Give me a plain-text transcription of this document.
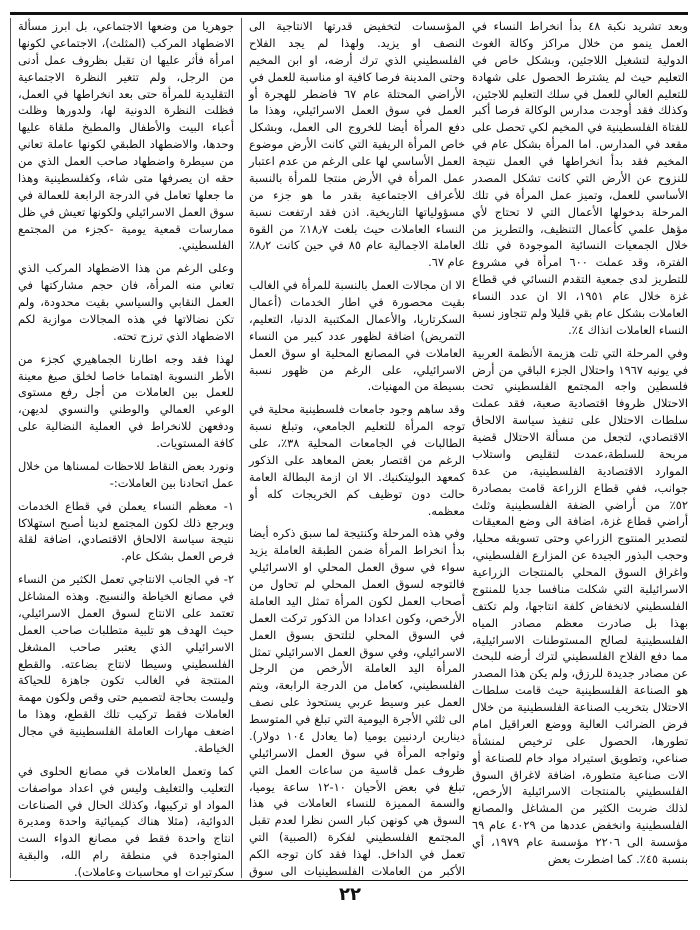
وبعد تشريد نكبة ٤٨ بدأ انخراط النساء في العمل ينمو من خلال مراكز وكالة الغوث الدولية لتشغيل اللاجئين، وبشكل خاص في التعليم حيث لم يشترط الحصول على شهادة للتعليم العالي للعمل في سلك التعليم للاجئين، وكذلك فقد أوجدت مدارس الوكالة فرصا أكبر للفتاة الفلسطينية في المخيم لكي تحصل على مقعد في المدارس. اما المرأة بشكل عام في المخيم فقد بدأ انخراطها في العمل نتيجة للنزوح عن الأرض التي كانت تشكل المصدر الأساسي للعمل، وتميز عمل المرأة في تلك المرحلة بدخولها الأعمال التي لا تحتاج لأي مؤهل علمي كأعمال التنظيف، والتطريز من خلال الجمعيات النسائية الموجودة في تلك الفترة، وقد عملت ٦٠٠ امرأة في مشروع للتطريز لدى جمعية التقدم النسائي في قطاع غزة خلال عام ١٩٥١، الا ان عدد النساء العاملات بشكل عام بقي قليلا ولم تتجاوز نسبة النساء العاملات انذاك ٤٪.

وفي المرحلة التي تلت هزيمة الأنظمة العربية في يونيه ١٩٦٧ واحتلال الجزء الباقي من أرض فلسطين واجه المجتمع الفلسطيني تحت الاحتلال ظروفا اقتصادية صعبة، فقد عملت سلطات الاحتلال على تنفيذ سياسة الالحاق الاقتصادي، لتجعل من مسألة الاحتلال قضية مربحة للسلطة،عمدت لتقليص واستلاب الموارد الاقتصادية الفلسطينية، من عدة جوانب، ففي قطاع الزراعة قامت بمصادرة ٥٢٪ من أراضي الضفة الفلسطينية وثلث أراضي قطاع غزة، اضافة الى وضع المعيقات لتصدير المنتوج الزراعي وحتى تسويقه محليا، وحجب البذور الجيدة عن المزارع الفلسطيني، واغراق السوق المحلي بالمنتجات الزراعية الاسرائيلية التي شكلت منافسا جديا للمنتوج الفلسطيني لانخفاض كلفة انتاجها، ولم تكتف بهذا بل صادرت معظم مصادر المياه الفلسطينية لصالح المستوطنات الاسرائيلية، مما دفع الفلاح الفلسطيني لترك أرضه للبحث عن مصادر جديدة للرزق، ولم يكن هذا المصدر هو الصناعة الفلسطينية حيث قامت سلطات الاحتلال بتخريب الصناعة الفلسطينية من خلال فرض الضرائب العالية ووضع العراقيل امام تطورها، الحصول على ترخيص لمنشأة صناعي، وتطويق استيراد مواد خام للصناعة أو الات صناعية متطورة، اضافة لاغراق السوق الفلسطيني بالمنتجات الاسرائيلية الأرخص، لذلك ضربت الكثير من المشاغل والمصانع الفلسطينية وانخفض عددها من ٤٠٢٩ عام ٦٩ مؤسسة الى ٢٢٠٦ مؤسسة عام ١٩٧٩، أي بنسبة ٤٥٪. كما اضطرت بعض

المؤسسات لتخفيض قدرتها الانتاجية الى النصف او يزيد. ولهذا لم يجد الفلاح الفلسطيني الذي ترك أرضه، او ابن المخيم وحتى المدينة فرصا كافية او مناسبة للعمل في الأراضي المحتلة عام ٦٧ فاضطر للهجرة أو العمل في سوق العمل الاسرائيلي، وهذا ما دفع المرأة أيضا للخروج الى العمل، وبشكل خاص المرأة الريفية التي كانت الأرض موضوع العمل الأساسي لها على الرغم من عدم اعتبار عمل المرأة في الأرض منتجا للمرأة بالنسبة للأعراف الاجتماعية بقدر ما هو جزء من مسؤولياتها التاريخية. اذن فقد ارتفعت نسبة النساء العاملات حيث بلغت ١٨٫٧٪ من القوة العاملة الاجمالية عام ٨٥ في حين كانت ٨٫٢٪ عام ٦٧.

الا ان مجالات العمل بالنسبة للمرأة في الغالب بقيت محصورة في اطار الخدمات (أعمال السكرتاريا، والأعمال المكتبية الدنيا، التعليم، التمريض) اضافة لظهور عدد كبير من النساء العاملات في المصانع المحلية او سوق العمل الاسرائيلي، على الرغم من ظهور نسبة بسيطة من المهنيات.

وقد ساهم وجود جامعات فلسطينية محلية في توجه المرأة للتعليم الجامعي، وتبلغ نسبة الطالبات في الجامعات المحلية ٣٨٪، على الرغم من اقتصار بعض المعاهد على الذكور كمعهد البوليتكنيك. الا ان ازمة البطالة العامة حالت دون توظيف كم الخريجات كله أو معظمه.

وفي هذه المرحلة وكنتيجة لما سبق ذكره أيضا بدأ انخراط المرأة ضمن الطبقة العاملة يزيد سواء في سوق العمل المحلي او الاسرائيلي فالتوجه لسوق العمل المحلي لم تحاول من أصحاب العمل لكون المرأة تمثل اليد العاملة الأرخص، وكون اعدادا من الذكور تركت العمل في السوق المحلي لتلتحق بسوق العمل الاسرائيلي، وفي سوق العمل الاسرائيلي تمثل المرأة اليد العاملة الأرخص من الرجل الفلسطيني، كعامل من الدرجة الرابعة، ويتم العمل عبر وسيط عربي يستحوذ على نصف الى ثلثي الأجرة اليومية التي تبلغ في المتوسط دينارين اردنيين يوميا (ما يعادل ١٠٤ دولار). وتواجه المرأة في سوق العمل الاسرائيلي ظروف عمل قاسية من ساعات العمل التي تبلغ في بعض الأحيان ١٠-١٢ ساعة يوميا، والسمة المميزة للنساء العاملات في هذا السوق هي كونهن كبار السن نظرا لعدم تقبل المجتمع الفلسطيني لفكرة (الصبية) التي تعمل في الداخل. لهذا فقد كان توجه الكم الأكبر من العاملات الفلسطينيات الى سوق

جوهريا من وضعها الاجتماعي، بل ابرز مسألة الاضطهاد المركب (المثلث)، الاجتماعي لكونها امرأة فأثر عليها ان تقبل بظروف عمل أدنى من الرجل، ولم تتغير النظرة الاجتماعية التقليدية للمرأة حتى بعد انخراطها في العمل، فظلت النظرة الدونية لها، ولدورها وظلت أعباء البيت والأطفال والمطبخ ملقاة عليها وحدها، والاضطهاد الطبقي لكونها عاملة تعاني من سيطرة واضطهاد صاحب العمل الذي من حقه ان يصرفها متى شاء، وكفلسطينية وهذا ما جعلها تعامل في الدرجة الرابعة للعمالة في سوق العمل الاسرائيلي ولكونها تعيش في ظل ممارسات قمعية يومية -كجزء من المجتمع الفلسطيني.

وعلى الرغم من هذا الاضطهاد المركب الذي تعاني منه المرأة، فان حجم مشاركتها في العمل النقابي والسياسي بقيت محدودة، ولم تكن نضالاتها في هذه المجالات موازية لكم الاضطهاد الذي ترزح تحته.

لهذا فقد وجه اطارنا الجماهيري كجزء من الأطر النسوية اهتماما خاصا لخلق صيغ معينة للعمل بين العاملات من أجل رفع مستوى الوعي العمالي والوطني والنسوي لديهن، ودفعهن للانخراط في العملية النضالية على كافة المستويات.

ونورد بعض النقاط للاحظات لمسناها من خلال عمل اتحادنا بين العاملات:-

١- معظم النساء يعملن في قطاع الخدمات ويرجع ذلك لكون المجتمع لدينا أصبح استهلاكا نتيجة سياسة الالحاق الاقتصادي، اضافة لقلة فرص العمل بشكل عام.

٢- في الجانب الانتاجي تعمل الكثير من النساء في مصانع الخياطة والنسيج. وهذه المشاغل تعتمد على الانتاج لسوق العمل الاسرائيلي، حيث الهدف هو تلبية متطلبات صاحب العمل الاسرائيلي الذي يعتبر صاحب المشغل الفلسطيني وسيطا لانتاج بضاعته. والقطع المنتجة في الغالب تكون جاهزة للحياكة وليست بحاجة لتصميم حتى وقص ولكون مهمة العاملات فقط تركيب تلك القطع، وهذا ما اضعف مهارات العاملة الفلسطينية في مجال الخياطة.

كما وتعمل العاملات في مصانع الحلوى في التعليب والتغليف وليس في اعداد مواصفات المواد او تركيبها، وكذلك الحال في الصناعات الدوائية، (مثلا هناك كيميائية واحدة ومديرة انتاج واحدة فقط في مصانع الدواء الست المتواجدة في منطقة رام الله، والبقية سكرتيرات او محاسبات وعاملات).

٢٢
